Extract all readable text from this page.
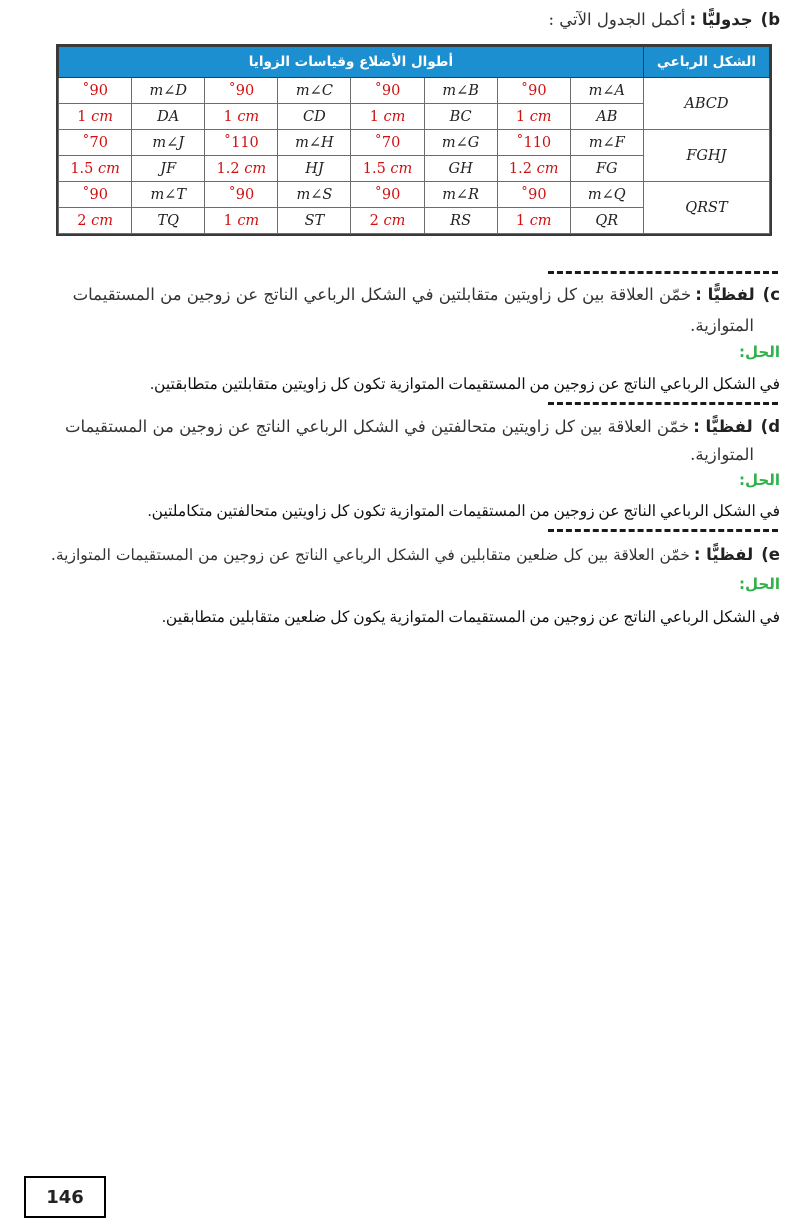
b)جدوليًّا :أكمل الجدول الآتي :
الشكل الرباعي	أطوال الأضلاع وقياسات الزوايا							
ABCD	m∠A	90˚	m∠B	90˚	m∠C	90˚	m∠D	90˚
	AB	1 cm	BC	1 cm	CD	1 cm	DA	1 cm
FGHJ	m∠F	110˚	m∠G	70˚	m∠H	110˚	m∠J	70˚
	FG	1.2 cm	GH	1.5 cm	HJ	1.2 cm	JF	1.5 cm
QRST	m∠Q	90˚	m∠R	90˚	m∠S	90˚	m∠T	90˚
	QR	1 cm	RS	2 cm	ST	1 cm	TQ	2 cm
c)لفظيًّا :خمّن العلاقة بين كل زاويتين متقابلتين في الشكل الرباعي الناتج عن زوجين من المستقيمات
المتوازية.
الحل:
في الشكل الرباعي الناتج عن زوجين من المستقيمات المتوازية تكون كل زاويتين متقابلتين متطابقتين.
d)لفظيًّا :خمّن العلاقة بين كل زاويتين متحالفتين في الشكل الرباعي الناتج عن زوجين من المستقيمات
المتوازية.
الحل:
في الشكل الرباعي الناتج عن زوجين من المستقيمات المتوازية تكون كل زاويتين متحالفتين متكاملتين.
e)لفظيًّا :خمّن العلاقة بين كل ضلعين متقابلين في الشكل الرباعي الناتج عن زوجين من المستقيمات المتوازية.
الحل:
في الشكل الرباعي الناتج عن زوجين من المستقيمات المتوازية يكون كل ضلعين متقابلين متطابقين.
146
